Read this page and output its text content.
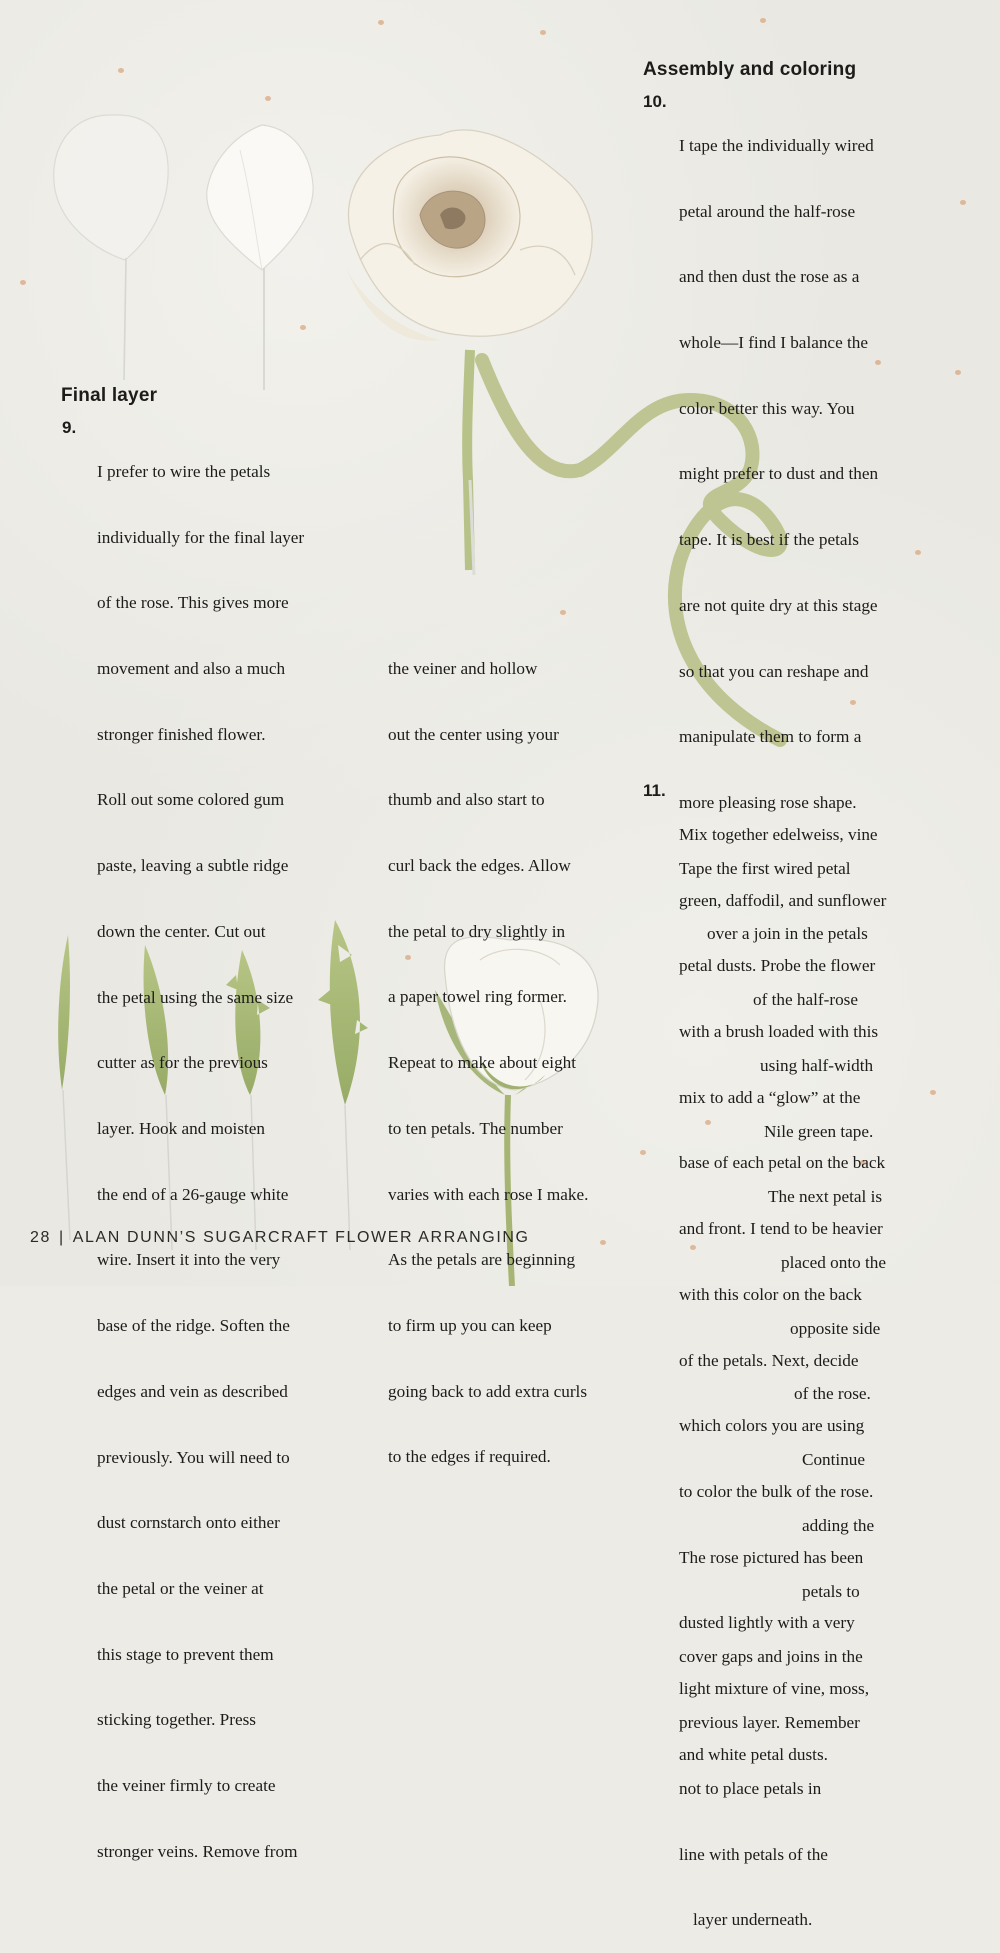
Final layer
9.

I prefer to wire the petals

individually for the final layer

of the rose. This gives more

movement and also a much

stronger finished flower.

Roll out some colored gum

paste, leaving a subtle ridge

down the center. Cut out

the petal using the same size

cutter as for the previous

layer. Hook and moisten

the end of a 26-gauge white

wire. Insert it into the very

base of the ridge. Soften the

edges and vein as described

previously. You will need to

dust cornstarch onto either

the petal or the veiner at

this stage to prevent them

sticking together. Press

the veiner firmly to create

stronger veins. Remove from

the veiner and hollow

out the center using your

thumb and also start to

curl back the edges. Allow

the petal to dry slightly in

a paper towel ring former.

Repeat to make about eight

to ten petals. The number

varies with each rose I make.

As the petals are beginning

to firm up you can keep

going back to add extra curls

to the edges if required.

Assembly and coloring
10.

I tape the individually wired

petal around the half-rose

and then dust the rose as a

whole—I find I balance the

color better this way. You

might prefer to dust and then

tape. It is best if the petals

are not quite dry at this stage

so that you can reshape and

manipulate them to form a

more pleasing rose shape.

Tape the first wired petal

over a join in the petals

of the half-rose

using half-width

Nile green tape.

The next petal is

placed onto the

opposite side

of the rose.

Continue

adding the

petals to

cover gaps and joins in the

previous layer. Remember

not to place petals in

line with petals of the

layer underneath.

11.

Mix together edelweiss, vine

green, daffodil, and sunflower

petal dusts. Probe the flower

with a brush loaded with this

mix to add a “glow” at the

base of each petal on the back

and front. I tend to be heavier

with this color on the back

of the petals. Next, decide

which colors you are using

to color the bulk of the rose.

The rose pictured has been

dusted lightly with a very

light mixture of vine, moss,

and white petal dusts.

28 | ALAN DUNN’S SUGARCRAFT FLOWER ARRANGING
